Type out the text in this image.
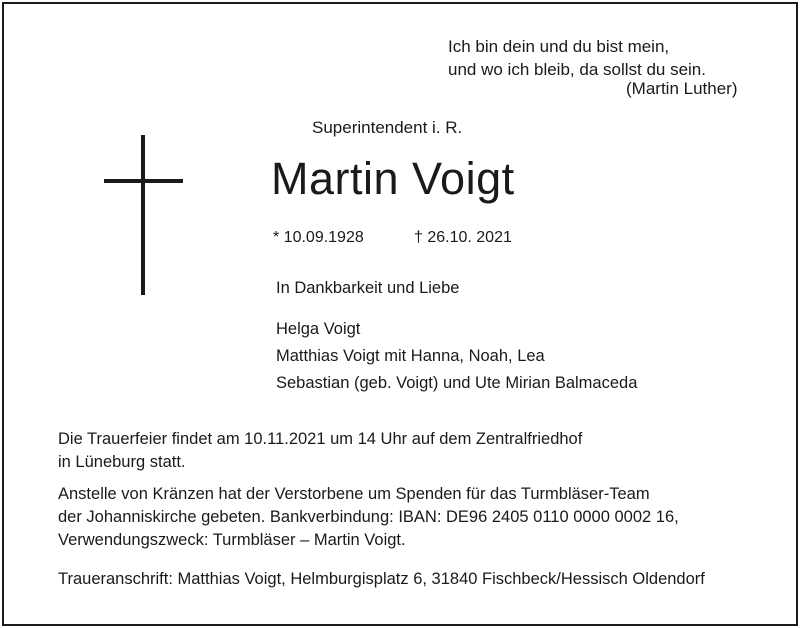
Ich bin dein und du bist mein,
und wo ich bleib, da sollst du sein.
(Martin Luther)
Superintendent i. R.
Martin Voigt
* 10.09.1928	† 26.10. 2021
In Dankbarkeit und Liebe
Helga Voigt
Matthias Voigt mit Hanna, Noah, Lea
Sebastian (geb. Voigt) und Ute Mirian Balmaceda
Die Trauerfeier findet am 10.11.2021 um 14 Uhr auf dem Zentralfriedhof
in Lüneburg statt.
Anstelle von Kränzen hat der Verstorbene um Spenden für das Turmbläser-Team
der Johanniskirche gebeten. Bankverbindung: IBAN: DE96 2405 0110 0000 0002 16,
Verwendungszweck: Turmbläser – Martin Voigt.
Traueranschrift: Matthias Voigt, Helmburgisplatz 6, 31840 Fischbeck/Hessisch Oldendorf
